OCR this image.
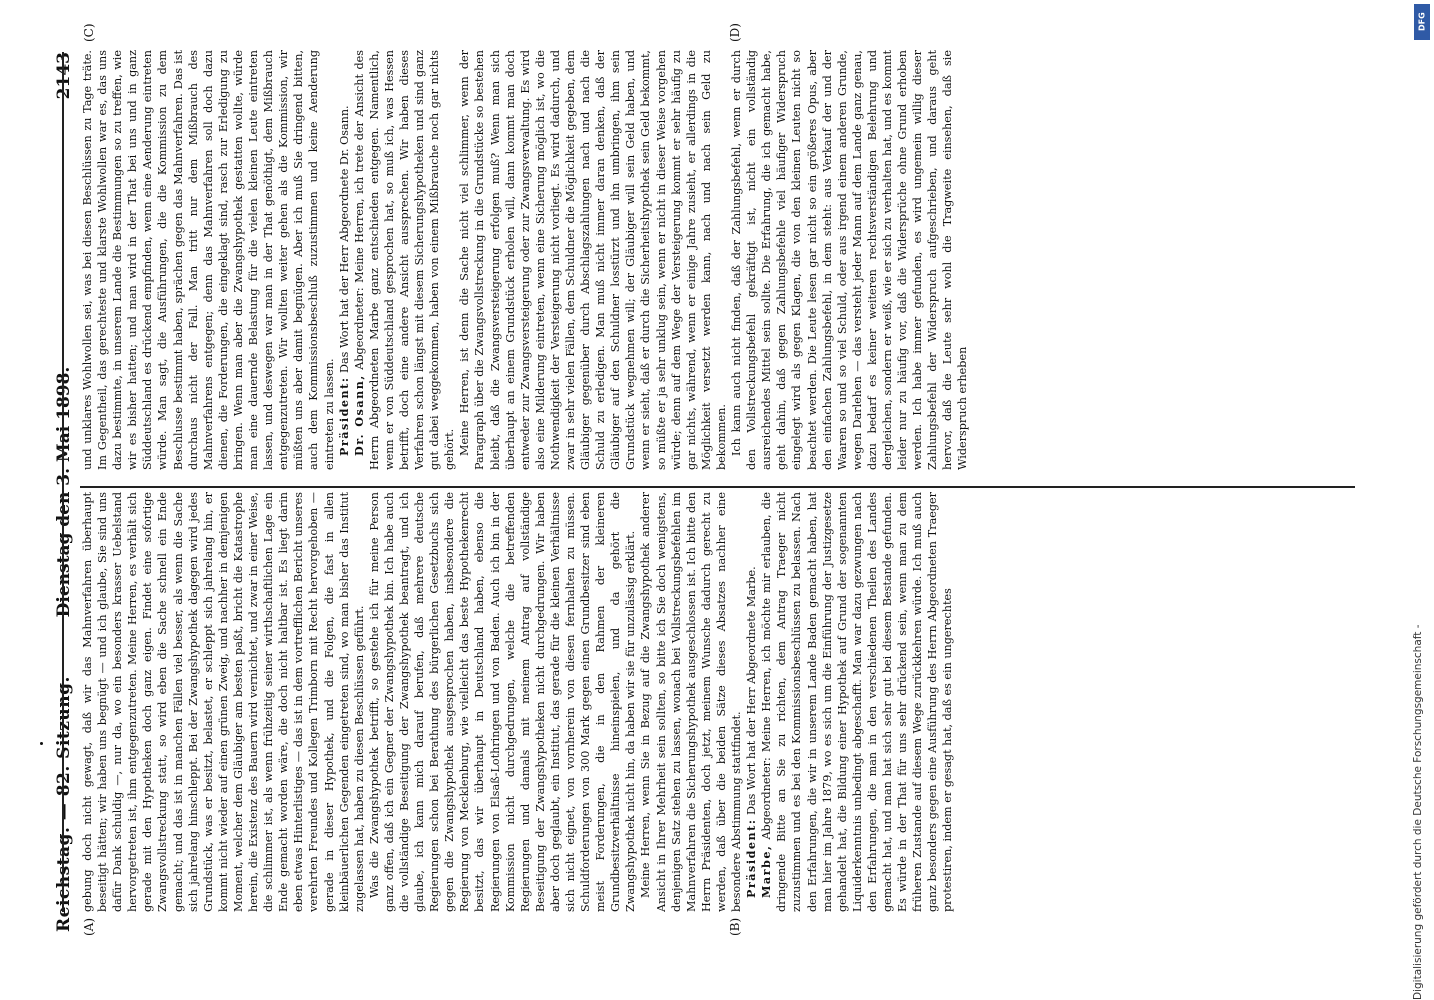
Reichstag. — 82. Sitzung.
Dienstag den 3. Mai 1898.
2143
(A)	(B)
(C)	(D)

gebung doch nicht gewagt, daß wir das Mahnverfahren überhaupt beseitigt hätten; wir haben uns begnügt — und ich glaube, Sie sind uns dafür Dank schuldig —, nur da, wo ein besonders krasser Uebelstand hervorgetreten ist, ihm entgegenzutreten. Meine Herren, es verhält sich gerade mit den Hypotheken doch ganz eigen. Findet eine sofortige Zwangsvollstreckung statt, so wird eben die Sache schnell ein Ende gemacht; und das ist in manchen Fällen viel besser, als wenn die Sache sich jahrelang hinschleppt. Bei der Zwangshypothek dagegen wird jedes Grundstück, was er besitzt, belastet, er schleppt sich jahrelang hin, er kommt nicht wieder auf einen grünen Zweig, und nachher in demjenigen Moment, welcher dem Gläubiger am besten paßt, bricht die Katastrophe herein, die Existenz des Bauern wird vernichtet, und zwar in einer Weise, die schlimmer ist, als wenn frühzeitig seiner wirthschaftlichen Lage ein Ende gemacht worden wäre, die doch nicht haltbar ist. Es liegt darin eben etwas Hinterlistiges — das ist in dem vortrefflichen Bericht unseres verehrten Freundes und Kollegen Trimborn mit Recht hervorgehoben — gerade in dieser Hypothek, und die Folgen, die fast in allen kleinbäuerlichen Gegenden eingetreten sind, wo man bisher das Institut zugelassen hat, haben zu diesen Beschlüssen geführt. Was die Zwangshypothek betrifft, so gestehe ich für meine Person ganz offen, daß ich ein Gegner der Zwangshypothek bin. Ich habe auch die vollständige Beseitigung der Zwangshypothek beantragt, und ich glaube, ich kann mich darauf berufen, daß mehrere deutsche Regierungen schon bei Berathung des bürgerlichen Gesetzbuchs sich gegen die Zwangshypothek ausgesprochen haben, insbesondere die Regierung von Mecklenburg, wie vielleicht das beste Hypothekenrecht besitzt, das wir überhaupt in Deutschland haben, ebenso die Regierungen von Elsaß-Lothringen und von Baden. Auch ich bin in der Kommission nicht durchgedrungen, welche die betreffenden Regierungen und damals mit meinem Antrag auf vollständige Beseitigung der Zwangshypotheken nicht durchgedrungen. Wir haben aber doch geglaubt, ein Institut, das gerade für die kleinen Verhältnisse sich nicht eignet, von vornherein von diesen fernhalten zu müssen. Schuldforderungen von 300 Mark gegen einen Grundbesitzer sind eben meist Forderungen, die in den Rahmen der kleineren Grundbesitzverhältnisse hineinspielen, und da gehört die Zwangshypothek nicht hin, da haben wir sie für unzulässig erklärt. Meine Herren, wenn Sie in Bezug auf die Zwangshypothek anderer Ansicht in Ihrer Mehrheit sein sollten, so bitte ich Sie doch wenigstens, denjenigen Satz stehen zu lassen, wonach bei Vollstreckungsbefehlen im Mahnverfahren die Sicherungshypothek ausgeschlossen ist. Ich bitte den Herrn Präsidenten, doch jetzt, meinem Wunsche dadurch gerecht zu werden, daß über die beiden Sätze dieses Absatzes nachher eine besondere Abstimmung stattfindet. Präsident: Das Wort hat der Herr Abgeordnete Marbe.

Marbe, Abgeordneter: Meine Herren, ich möchte mir erlauben, die dringende Bitte an Sie zu richten, dem Antrag Traeger nicht zuzustimmen und es bei den Kommissionsbeschlüssen zu belassen. Nach den Erfahrungen, die wir in unserem Lande Baden gemacht haben, hat man hier im Jahre 1879, wo es sich um die Einführung der Justizgesetze gehandelt hat, die Bildung einer Hypothek auf Grund der sogenannten Liquiderkenntnis unbedingt abgeschafft. Man war dazu gezwungen nach den Erfahrungen, die man in den verschiedenen Theilen des Landes gemacht hat, und man hat sich sehr gut bei diesem Bestande gefunden. Es würde in der That für uns sehr drückend sein, wenn man zu dem früheren Zustande auf diesem Wege zurückkehren würde. Ich muß auch ganz besonders gegen eine Ausführung des Herrn Abgeordneten Traeger protestiren, indem er gesagt hat, daß es ein ungerechtes

und unklares Wohlwollen sei, was bei diesen Beschlüssen zu Tage träte. Im Gegentheil, das gerechteste und klarste Wohlwollen war es, das uns dazu bestimmte, in unserem Lande die Bestimmungen so zu treffen, wie wir es bisher hatten; und man wird in der That bei uns und in ganz Süddeutschland es drückend empfinden, wenn eine Aenderung eintreten würde. Man sagt, die Ausführungen, die die Kommission zu dem Beschlusse bestimmt haben, sprächen gegen das Mahnverfahren. Das ist durchaus nicht der Fall. Man tritt nur dem Mißbrauch des Mahnverfahrens entgegen; denn das Mahnverfahren soll doch dazu dienen, die Forderungen, die eingeklagt sind, rasch zur Erledigung zu bringen. Wenn man aber die Zwangshypothek gestatten wollte, würde man eine dauernde Belastung für die vielen kleinen Leute eintreten lassen, und deswegen war man in der That genöthigt, dem Mißbrauch entgegenzutreten. Wir wollten weiter gehen als die Kommission, wir müßten uns aber damit begnügen. Aber ich muß Sie dringend bitten, auch dem Kommissionsbeschluß zuzustimmen und keine Aenderung eintreten zu lassen. Präsident: Das Wort hat der Herr Abgeordnete Dr. Osann.

Dr. Osann, Abgeordneter: Meine Herren, ich trete der Ansicht des Herrn Abgeordneten Marbe ganz entschieden entgegen. Namentlich, wenn er von Süddeutschland gesprochen hat, so muß ich, was Hessen betrifft, doch eine andere Ansicht aussprechen. Wir haben dieses Verfahren schon längst mit diesem Sicherungshypotheken und sind ganz gut dabei weggekommen, haben von einem Mißbrauche noch gar nichts gehört. Meine Herren, ist denn die Sache nicht viel schlimmer, wenn der Paragraph über die Zwangsvollstreckung in die Grundstücke so bestehen bleibt, daß die Zwangsversteigerung erfolgen muß? Wenn man sich überhaupt an einem Grundstück erholen will, dann kommt man doch entweder zur Zwangsversteigerung oder zur Zwangsverwaltung. Es wird also eine Milderung eintreten, wenn eine Sicherung möglich ist, wo die Nothwendigkeit der Versteigerung nicht vorliegt. Es wird dadurch, und zwar in sehr vielen Fällen, dem Schuldner die Möglichkeit gegeben, dem Gläubiger gegenüber durch Abschlagszahlungen nach und nach die Schuld zu erledigen. Man muß nicht immer daran denken, daß der Gläubiger auf den Schuldner losstürzt und ihn umbringen, ihm sein Grundstück wegnehmen will; der Gläubiger will sein Geld haben, und wenn er sieht, daß er durch die Sicherheitshypothek sein Geld bekommt, so müßte er ja sehr unklug sein, wenn er nicht in dieser Weise vorgehen würde; denn auf dem Wege der Versteigerung kommt er sehr häufig zu gar nichts, während, wenn er einige Jahre zusieht, er allerdings in die Möglichkeit versetzt werden kann, nach und nach sein Geld zu bekommen. Ich kann auch nicht finden, daß der Zahlungsbefehl, wenn er durch den Vollstreckungsbefehl gekräftigt ist, nicht ein vollständig ausreichendes Mittel sein sollte. Die Erfahrung, die ich gemacht habe, geht dahin, daß gegen Zahlungsbefehle viel häufiger Widerspruch eingelegt wird als gegen Klagen, die von den kleinen Leuten nicht so beachtet werden. Die Leute lesen gar nicht so ein größeres Opus, aber den einfachen Zahlungsbefehl, in dem steht: aus Verkauf der und der Waaren so und so viel Schuld, oder aus irgend einem anderen Grunde, wegen Darlehen — das versteht jeder Mann auf dem Lande ganz genau, dazu bedarf es keiner weiteren rechtsverständigen Belehrung und dergleichen, sondern er weiß, wie er sich zu verhalten hat, und es kommt leider nur zu häufig vor, daß die Widersprüche ohne Grund erhoben werden. Ich habe immer gefunden, es wird ungemein willig dieser Zahlungsbefehl der Widerspruch aufgeschrieben, und daraus geht hervor, daß die Leute sehr wohl die Tragweite einsehen, daß sie Widerspruch erheben

Digitalisierung gefördert durch die Deutsche Forschungsgemeinschaft -
DFG
